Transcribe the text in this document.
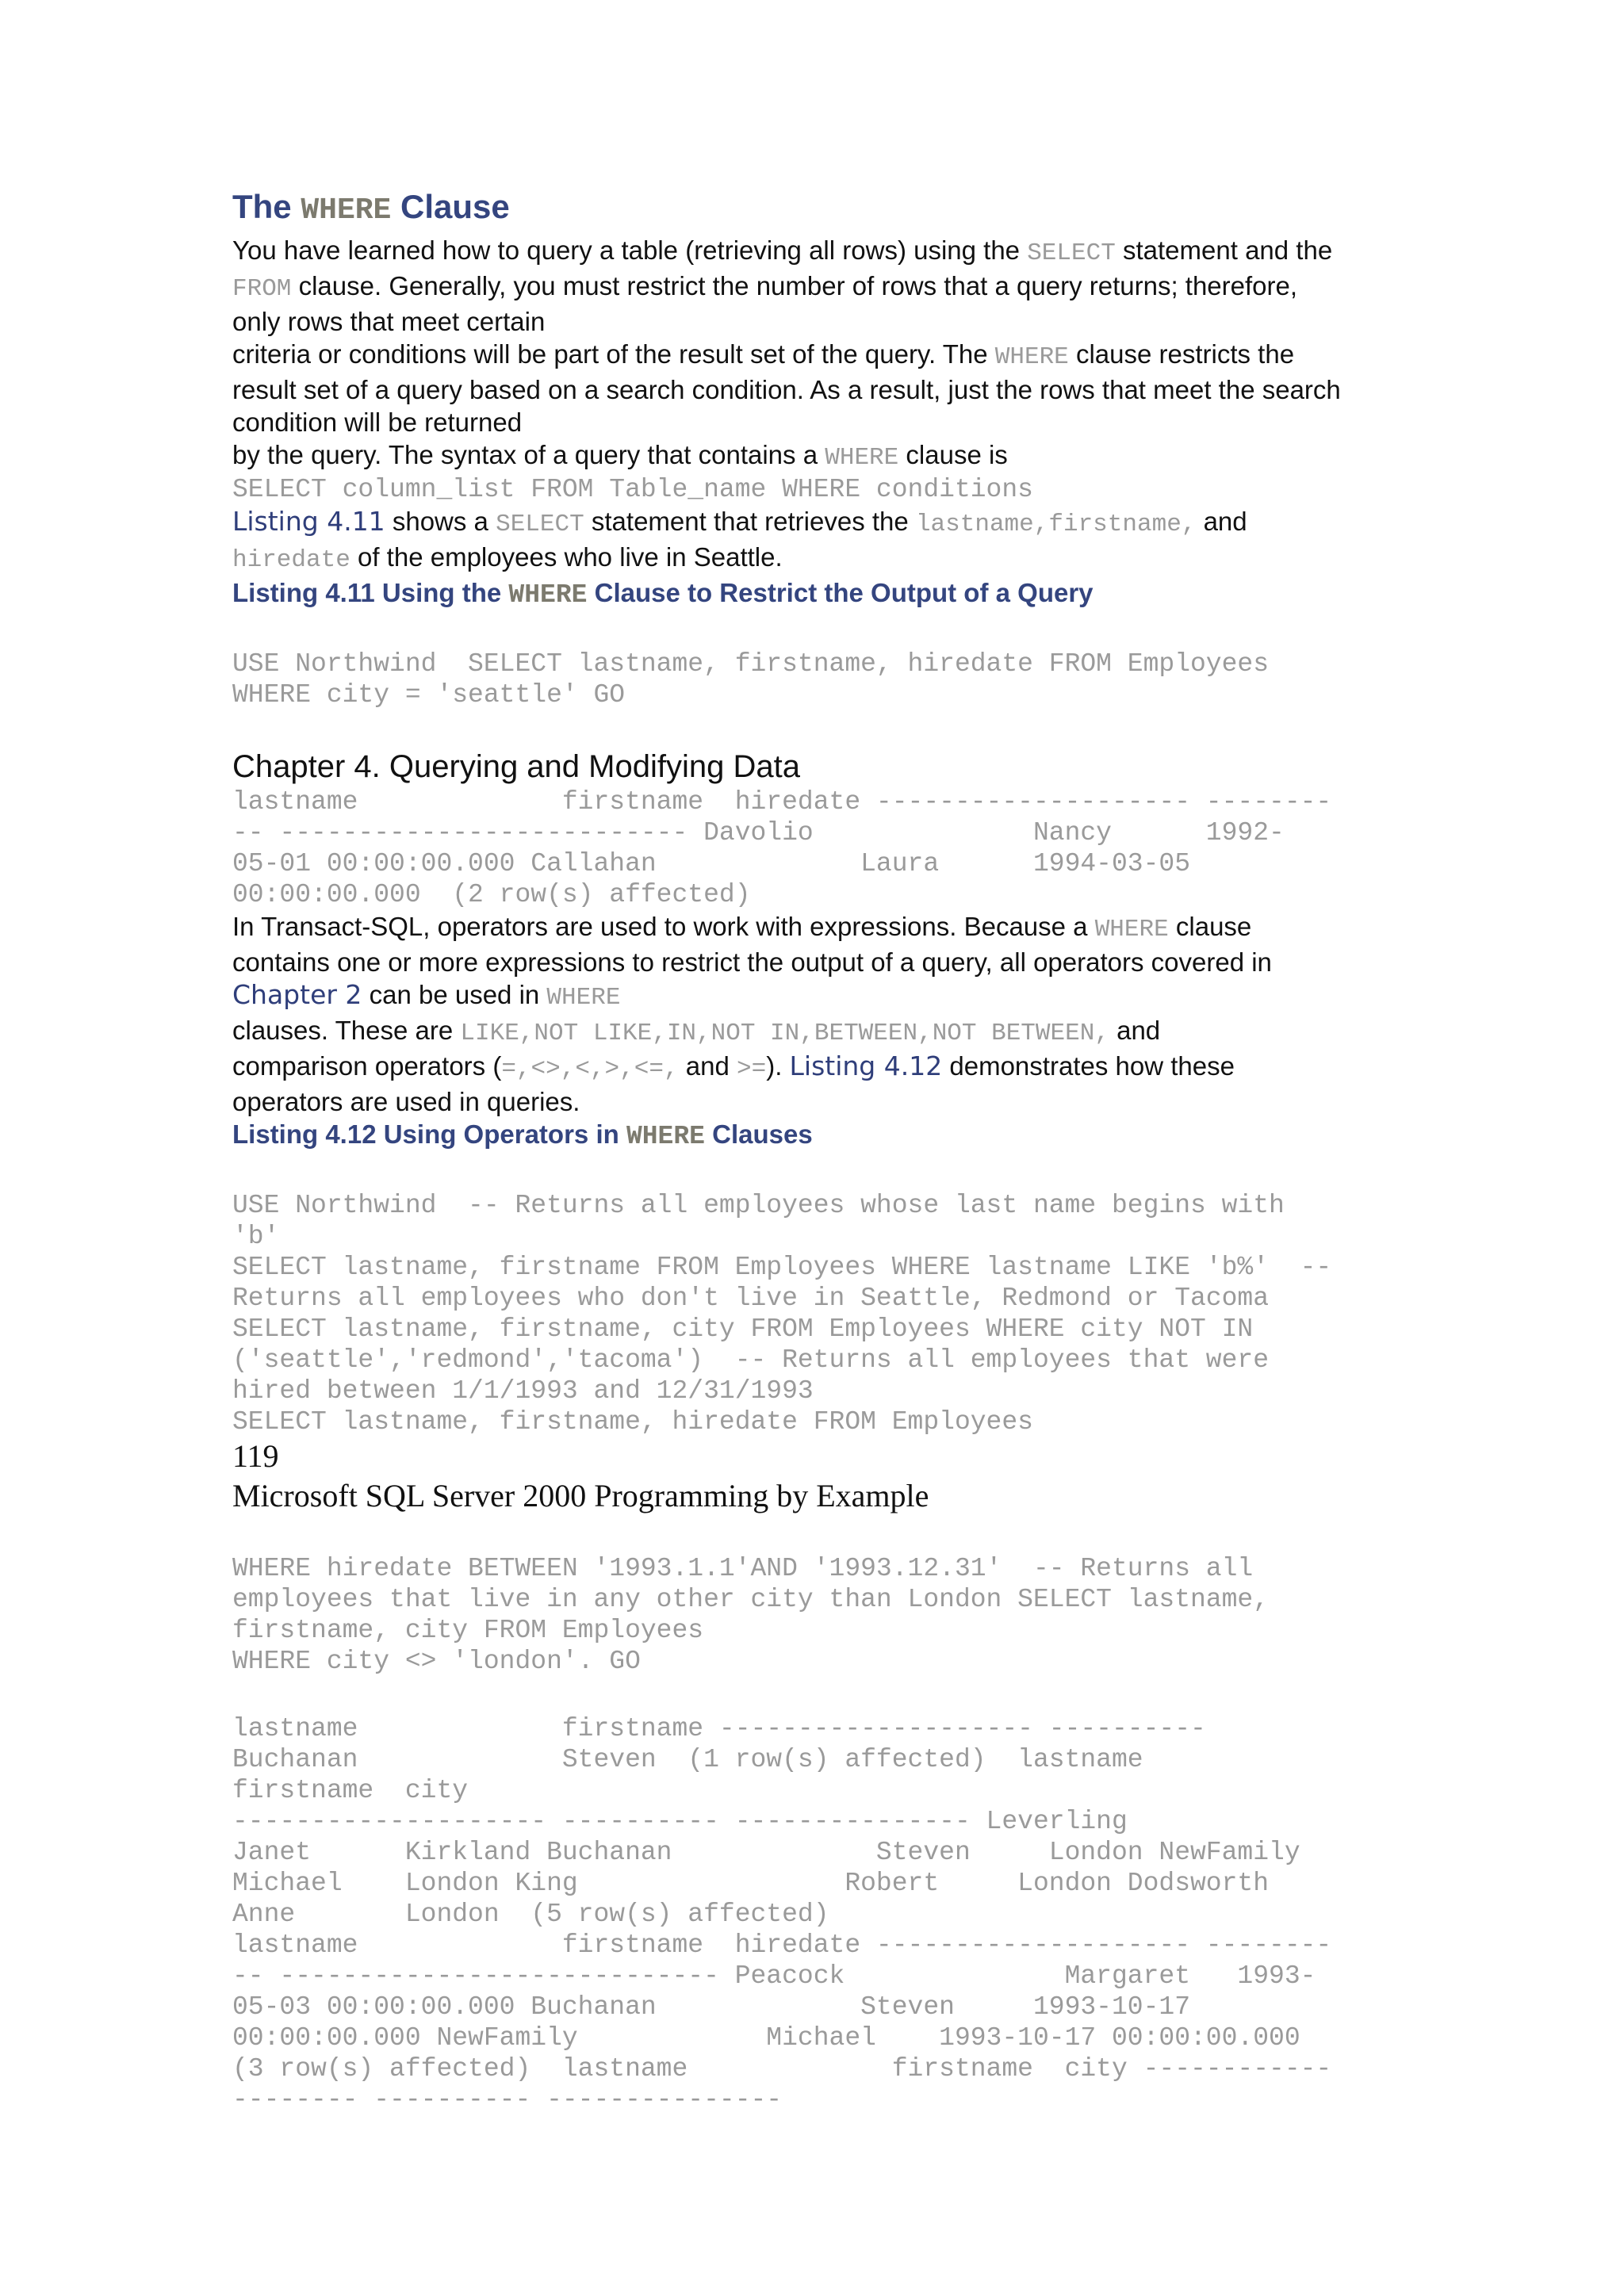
The WHERE Clause
You have learned how to query a table (retrieving all rows) using the SELECT statement and the
FROM clause. Generally, you must restrict the number of rows that a query returns; therefore,
only rows that meet certain
criteria or conditions will be part of the result set of the query. The WHERE clause restricts the
result set of a query based on a search condition. As a result, just the rows that meet the search
condition will be returned
by the query. The syntax of a query that contains a WHERE clause is
SELECT column_list FROM Table_name WHERE conditions
Listing 4.11 shows a SELECT statement that retrieves the lastname,firstname, and
hiredate of the employees who live in Seattle.
Listing 4.11 Using the WHERE Clause to Restrict the Output of a Query
USE Northwind  SELECT lastname, firstname, hiredate FROM Employees
WHERE city = 'seattle' GO
Chapter 4. Querying and Modifying Data
lastname             firstname  hiredate -------------------- --------
-- -------------------------- Davolio              Nancy      1992-
05-01 00:00:00.000 Callahan             Laura      1994-03-05
00:00:00.000  (2 row(s) affected)
In Transact-SQL, operators are used to work with expressions. Because a WHERE clause
contains one or more expressions to restrict the output of a query, all operators covered in
Chapter 2 can be used in WHERE
clauses. These are LIKE,NOT LIKE,IN,NOT IN,BETWEEN,NOT BETWEEN, and
comparison operators (=,<>,<,>,<=, and >=). Listing 4.12 demonstrates how these
operators are used in queries.
Listing 4.12 Using Operators in WHERE Clauses
USE Northwind  -- Returns all employees whose last name begins with
'b'
SELECT lastname, firstname FROM Employees WHERE lastname LIKE 'b%'  --
Returns all employees who don't live in Seattle, Redmond or Tacoma
SELECT lastname, firstname, city FROM Employees WHERE city NOT IN
('seattle','redmond','tacoma')  -- Returns all employees that were
hired between 1/1/1993 and 12/31/1993
SELECT lastname, firstname, hiredate FROM Employees
119
Microsoft SQL Server 2000 Programming by Example
WHERE hiredate BETWEEN '1993.1.1'AND '1993.12.31'  -- Returns all
employees that live in any other city than London SELECT lastname,
firstname, city FROM Employees
WHERE city <> 'london'. GO
lastname             firstname -------------------- ----------
Buchanan             Steven  (1 row(s) affected)  lastname
firstname  city
-------------------- ---------- --------------- Leverling
Janet      Kirkland Buchanan             Steven     London NewFamily
Michael    London King                 Robert     London Dodsworth
Anne       London  (5 row(s) affected)
lastname             firstname  hiredate -------------------- --------
-- ---------------------------- Peacock              Margaret   1993-
05-03 00:00:00.000 Buchanan             Steven     1993-10-17
00:00:00.000 NewFamily            Michael    1993-10-17 00:00:00.000
(3 row(s) affected)  lastname             firstname  city ------------
-------- ---------- ---------------
